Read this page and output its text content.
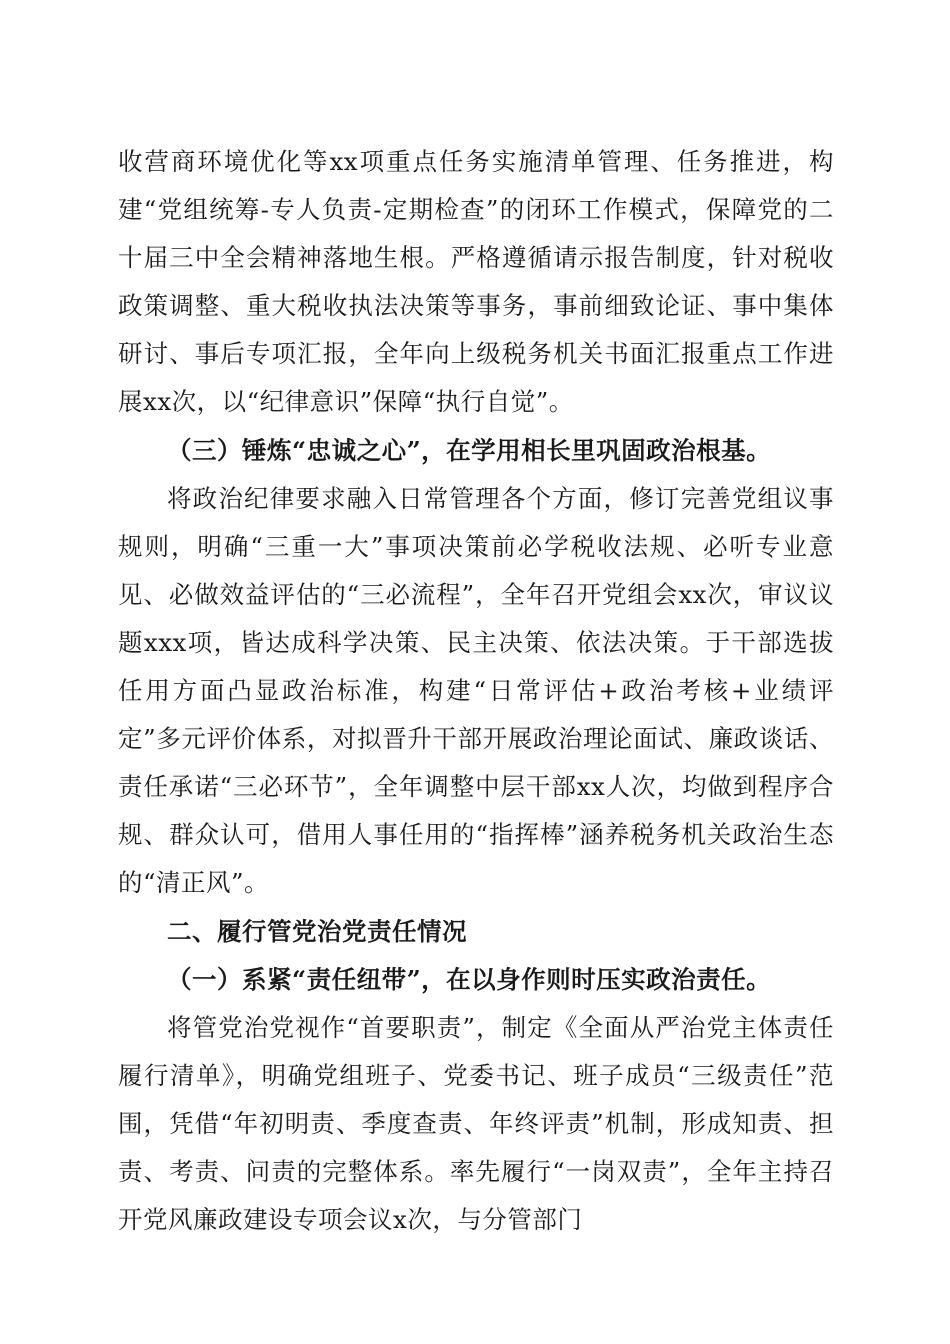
收营商环境优化等xx项重点任务实施清单管理、任务推进，构建“党组统筹-专人负责-定期检查”的闭环工作模式，保障党的二十届三中全会精神落地生根。严格遵循请示报告制度，针对税收政策调整、重大税收执法决策等事务，事前细致论证、事中集体研讨、事后专项汇报，全年向上级税务机关书面汇报重点工作进展xx次，以“纪律意识”保障“执行自觉”。

（三）锤炼“忠诚之心”，在学用相长里巩固政治根基。

将政治纪律要求融入日常管理各个方面，修订完善党组议事规则，明确“三重一大”事项决策前必学税收法规、必听专业意见、必做效益评估的“三必流程”，全年召开党组会xx次，审议议题xxx项，皆达成科学决策、民主决策、依法决策。于干部选拔任用方面凸显政治标准，构建“日常评估+政治考核+业绩评定”多元评价体系，对拟晋升干部开展政治理论面试、廉政谈话、责任承诺“三必环节”，全年调整中层干部xx人次，均做到程序合规、群众认可，借用人事任用的“指挥棒”涵养税务机关政治生态的“清正风”。

二、履行管党治党责任情况

（一）系紧“责任纽带”，在以身作则时压实政治责任。

将管党治党视作“首要职责”，制定《全面从严治党主体责任履行清单》，明确党组班子、党委书记、班子成员“三级责任”范围，凭借“年初明责、季度查责、年终评责”机制，形成知责、担责、考责、问责的完整体系。率先履行“一岗双责”，全年主持召开党风廉政建设专项会议x次，与分管部门
